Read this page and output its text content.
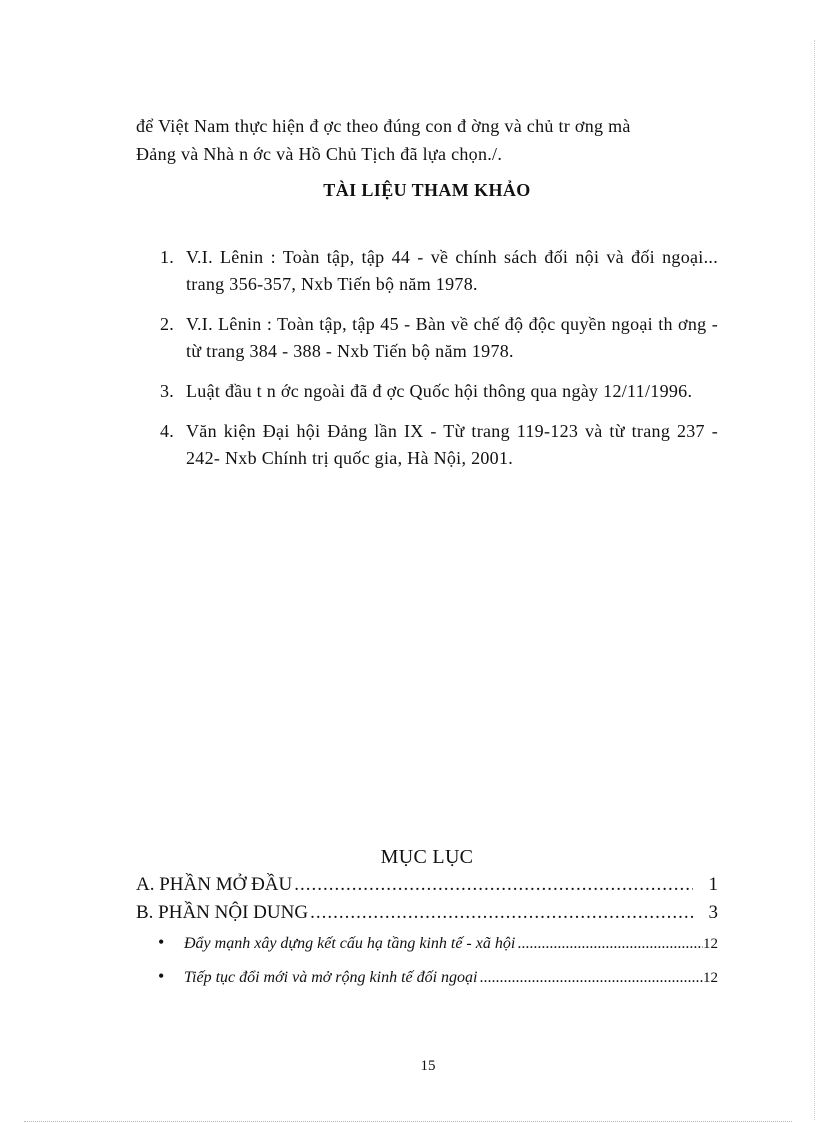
để Việt Nam thực hiện đ ợc theo đúng con đ ờng và chủ tr ơng mà

Đảng và Nhà n ớc và Hồ Chủ Tịch đã lựa chọn./.

TÀI LIỆU THAM KHẢO
1. V.I. Lênin : Toàn tập, tập 44 - về chính sách đối nội và đối ngoại... trang 356-357, Nxb Tiến bộ năm 1978.
2. V.I. Lênin : Toàn tập, tập 45 - Bàn về chế độ độc quyền ngoại th ơng - từ trang 384 - 388 - Nxb Tiến bộ năm 1978.
3. Luật đầu t n ớc ngoài đã đ ợc Quốc hội thông qua ngày 12/11/1996.
4. Văn kiện Đại hội Đảng lần IX - Từ trang 119-123 và từ trang 237 - 242- Nxb Chính trị quốc gia, Hà Nội, 2001.
MỤC LỤC
A. PHẦN MỞ ĐẦU .....	1
B. PHẦN NỘI DUNG .....	3
•	Đẩy mạnh xây dựng kết cấu hạ tầng kinh tế - xã hội .....	12
•	Tiếp tục đổi mới và mở rộng kinh tế đối ngoại .....	12
15
